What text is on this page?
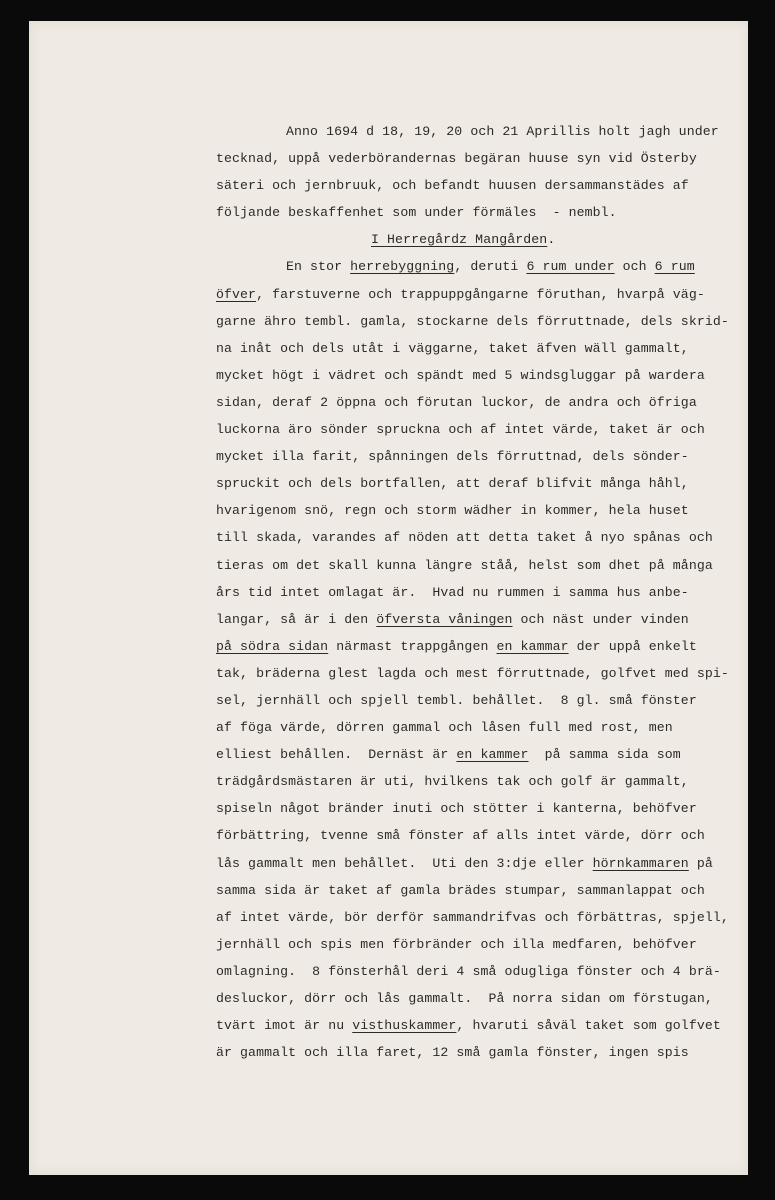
Anno 1694 d 18, 19, 20 och 21 Aprillis holt jagh under
tecknad, uppå vederbörandernas begäran huuse syn vid Österby
säteri och jernbruuk, och befandt huusen dersammanstädes af
följande beskaffenhet som under förmäles  - nembl.
I Herregårdz Mangården.
En stor herrebyggning, deruti 6 rum under och 6 rum
öfver, farstuverne och trappuppgångarne föruthan, hvarpå väg-
garne ähro tembl. gamla, stockarne dels förruttnade, dels skrid-
na inåt och dels utåt i väggarne, taket äfven wäll gammalt,
mycket högt i vädret och spändt med 5 windsgluggar på wardera
sidan, deraf 2 öppna och förutan luckor, de andra och öfriga
luckorna äro sönder spruckna och af intet värde, taket är och
mycket illa farit, spånningen dels förruttnad, dels sönder-
spruckit och dels bortfallen, att deraf blifvit många håhl,
hvarigenom snö, regn och storm wädher in kommer, hela huset
till skada, varandes af nöden att detta taket å nyo spånas och
tieras om det skall kunna längre ståå, helst som dhet på många
års tid intet omlagat är.  Hvad nu rummen i samma hus anbe-
langar, så är i den öfversta våningen och näst under vinden
på södra sidan närmast trappgången en kammar der uppå enkelt
tak, bräderna glest lagda och mest förruttnade, golfvet med spi-
sel, jernhäll och spjell tembl. behållet.  8 gl. små fönster
af föga värde, dörren gammal och låsen full med rost, men
elliest behållen.  Dernäst är en kammer  på samma sida som
trädgårdsmästaren är uti, hvilkens tak och golf är gammalt,
spiseln något bränder inuti och stötter i kanterna, behöfver
förbättring, tvenne små fönster af alls intet värde, dörr och
lås gammalt men behållet.  Uti den 3:dje eller hörnkammaren på
samma sida är taket af gamla brädes stumpar, sammanlappat och
af intet värde, bör derför sammandrifvas och förbättras, spjell,
jernhäll och spis men förbränder och illa medfaren, behöfver
omlagning.  8 fönsterhål deri 4 små odugliga fönster och 4 brä-
desluckor, dörr och lås gammalt.  På norra sidan om förstugan,
tvärt imot är nu visthuskammer, hvaruti såväl taket som golfvet
är gammalt och illa faret, 12 små gamla fönster, ingen spis
